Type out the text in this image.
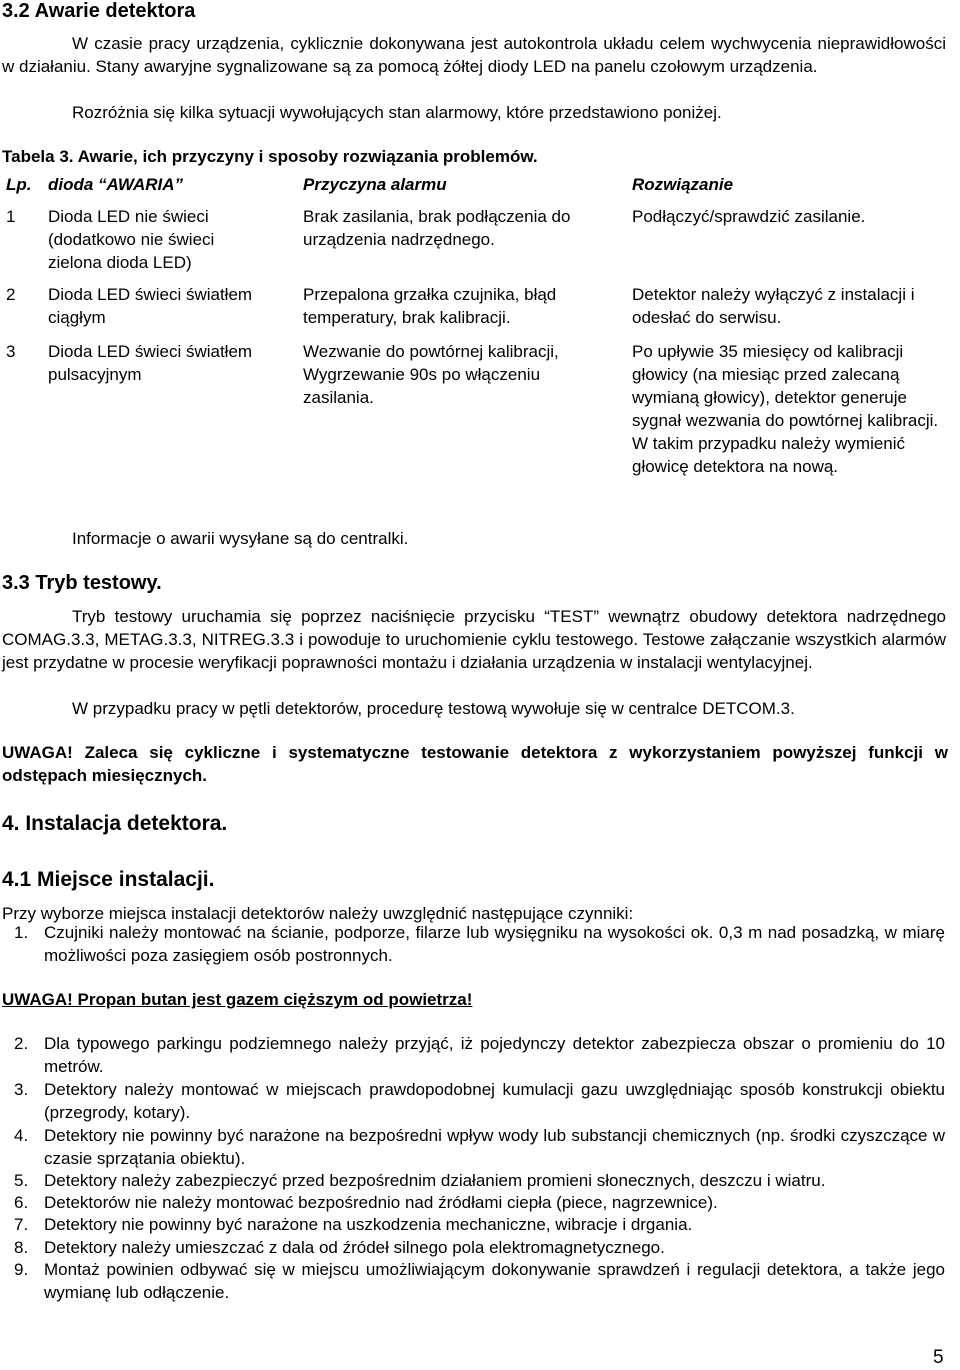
3.2 Awarie detektora
W czasie pracy urządzenia, cyklicznie dokonywana jest autokontrola układu celem wychwycenia nieprawidłowości w działaniu. Stany awaryjne sygnalizowane są za pomocą żółtej diody LED na panelu czołowym urządzenia.
Rozróżnia się kilka sytuacji wywołujących stan alarmowy, które przedstawiono poniżej.
Tabela 3. Awarie, ich przyczyny i sposoby rozwiązania problemów.
Lp. dioda “AWARIA”	Przyczyna alarmu	Rozwiązanie
1 Dioda LED nie świeci (dodatkowo nie świeci zielona dioda LED)
Brak zasilania, brak podłączenia do urządzenia nadrzędnego.
Podłączyć/sprawdzić zasilanie.
2 Dioda LED świeci światłem ciągłym
Przepalona grzałka czujnika, błąd temperatury, brak kalibracji.
Detektor należy wyłączyć z instalacji i odesłać do serwisu.
3 Dioda LED świeci światłem pulsacyjnym
Wezwanie do powtórnej kalibracji, Wygrzewanie 90s po włączeniu zasilania.
Po upływie 35 miesięcy od kalibracji głowicy (na miesiąc przed zalecaną wymianą głowicy), detektor generuje sygnał wezwania do powtórnej kalibracji. W takim przypadku należy wymienić głowicę detektora na nową.
Informacje o awarii wysyłane są do centralki.
3.3 Tryb testowy.
Tryb testowy uruchamia się poprzez naciśnięcie przycisku “TEST” wewnątrz obudowy detektora nadrzędnego COMAG.3.3, METAG.3.3, NITREG.3.3 i powoduje to uruchomienie cyklu testowego. Testowe załączanie wszystkich alarmów jest przydatne w procesie weryfikacji poprawności montażu i działania urządzenia w instalacji wentylacyjnej.
W przypadku pracy w pętli detektorów, procedurę testową wywołuje się w centralce DETCOM.3.
UWAGA! Zaleca się cykliczne i systematyczne testowanie detektora z wykorzystaniem powyższej funkcji w odstępach miesięcznych.
4. Instalacja detektora.
4.1 Miejsce instalacji.
Przy wyborze miejsca instalacji detektorów należy uwzględnić następujące czynniki:
1. Czujniki należy montować na ścianie, podporze, filarze lub wysięgniku na wysokości ok. 0,3 m nad posadzką, w miarę możliwości poza zasięgiem osób postronnych.
UWAGA! Propan butan jest gazem cięższym od powietrza!
2. Dla typowego parkingu podziemnego należy przyjąć, iż pojedynczy detektor zabezpiecza obszar o promieniu do 10 metrów.
3. Detektory należy montować w miejscach prawdopodobnej kumulacji gazu uwzględniając sposób konstrukcji obiektu (przegrody, kotary).
4. Detektory nie powinny być narażone na bezpośredni wpływ wody lub substancji chemicznych (np. środki czyszczące w czasie sprzątania obiektu).
5. Detektory należy zabezpieczyć przed bezpośrednim działaniem promieni słonecznych, deszczu i wiatru.
6. Detektorów nie należy montować bezpośrednio nad źródłami ciepła (piece, nagrzewnice).
7. Detektory nie powinny być narażone na uszkodzenia mechaniczne, wibracje i drgania.
8. Detektory należy umieszczać z dala od źródeł silnego pola elektromagnetycznego.
9. Montaż powinien odbywać się w miejscu umożliwiającym dokonywanie sprawdzeń i regulacji detektora, a także jego wymianę lub odłączenie.
5
